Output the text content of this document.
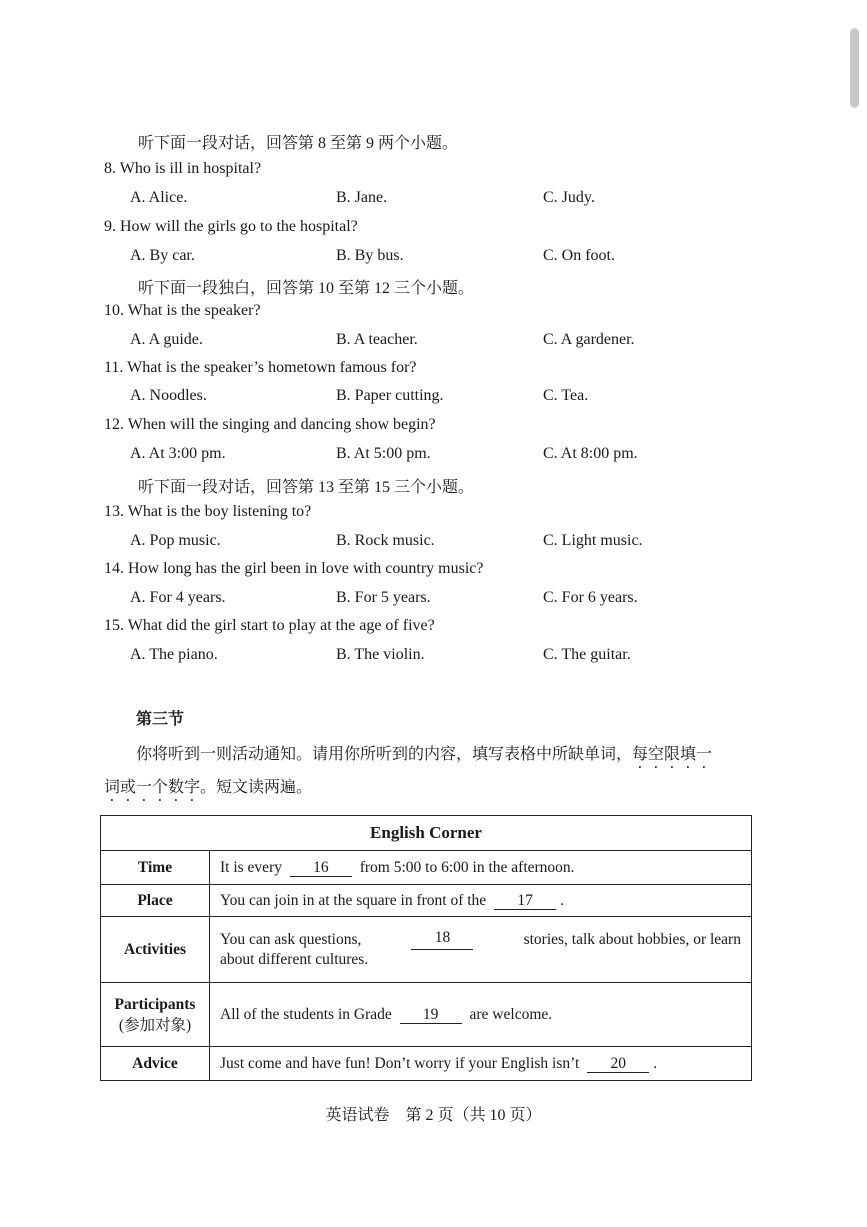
听下面一段对话，回答第 8 至第 9 两个小题。
8. Who is ill in hospital?
A. Alice.	B. Jane.	C. Judy.
9. How will the girls go to the hospital?
A. By car.	B. By bus.	C. On foot.
听下面一段独白，回答第 10 至第 12 三个小题。
10. What is the speaker?
A. A guide.	B. A teacher.	C. A gardener.
11. What is the speaker’s hometown famous for?
A. Noodles.	B. Paper cutting.	C. Tea.
12. When will the singing and dancing show begin?
A. At 3:00 pm.	B. At 5:00 pm.	C. At 8:00 pm.
听下面一段对话，回答第 13 至第 15 三个小题。
13. What is the boy listening to?
A. Pop music.	B. Rock music.	C. Light music.
14. How long has the girl been in love with country music?
A. For 4 years.	B. For 5 years.	C. For 6 years.
15. What did the girl start to play at the age of five?
A. The piano.	B. The violin.	C. The guitar.
第三节
你将听到一则活动通知。请用你所听到的内容，填写表格中所缺单词，每空限填一
词或一个数字。短文读两遍。
English Corner	
Time	It is every 16 from 5:00 to 6:00 in the afternoon.
Place	You can join in at the square in front of the 17 .
Activities	You can ask questions, 18 stories, talk about hobbies, or learn
about different cultures.

Participants
(参加对象)	All of the students in Grade 19 are welcome.
Advice	Just come and have fun! Don’t worry if your English isn’t 20 .
英语试卷　第 2 页（共 10 页）
